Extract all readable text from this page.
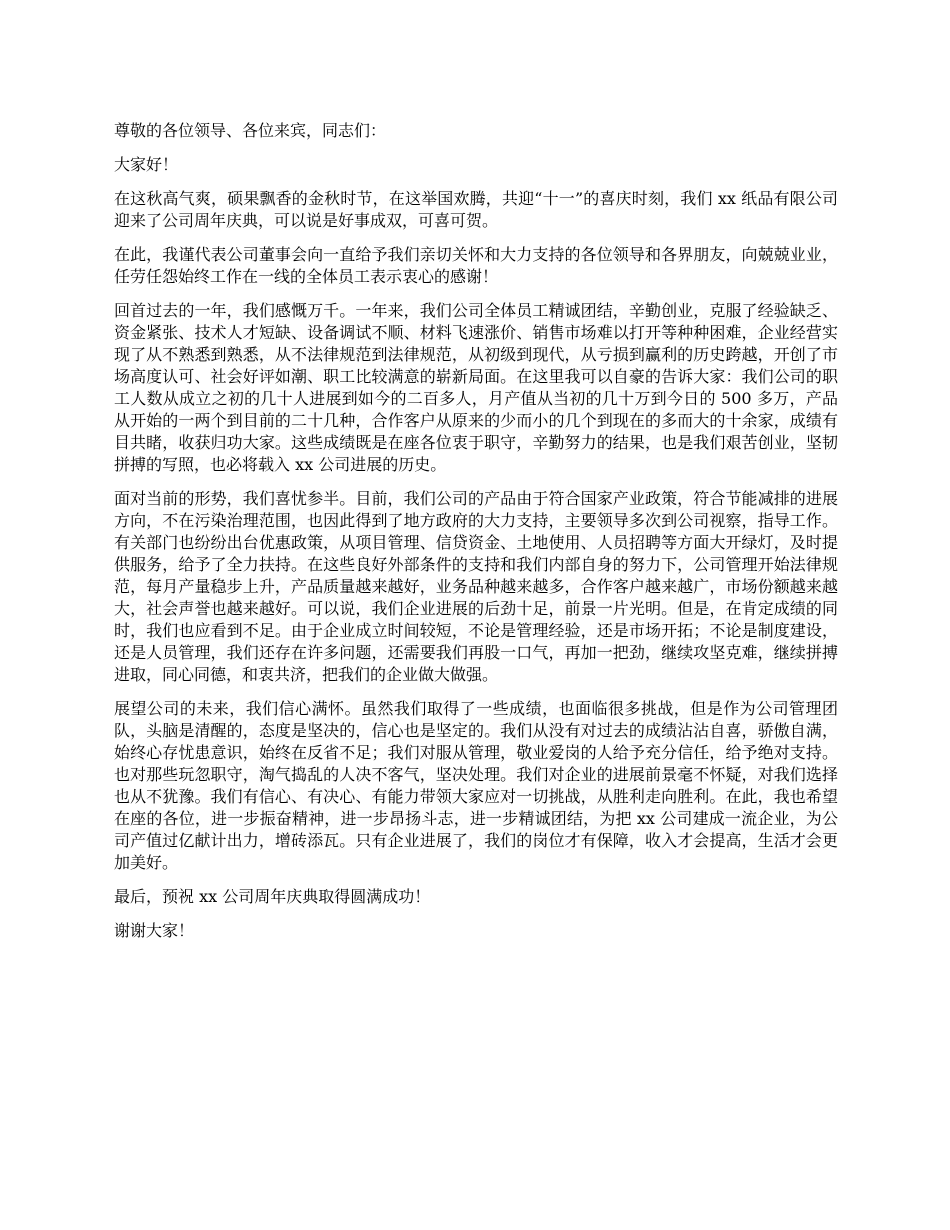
尊敬的各位领导、各位来宾，同志们：

大家好！

在这秋高气爽，硕果飘香的金秋时节，在这举国欢腾，共迎“十一”的喜庆时刻，我们 xx 纸品有限公司迎来了公司周年庆典，可以说是好事成双，可喜可贺。

在此，我谨代表公司董事会向一直给予我们亲切关怀和大力支持的各位领导和各界朋友，向兢兢业业，任劳任怨始终工作在一线的全体员工表示衷心的感谢！

回首过去的一年，我们感慨万千。一年来，我们公司全体员工精诚团结，辛勤创业，克服了经验缺乏、资金紧张、技术人才短缺、设备调试不顺、材料飞速涨价、销售市场难以打开等种种困难，企业经营实现了从不熟悉到熟悉，从不法律规范到法律规范，从初级到现代，从亏损到赢利的历史跨越，开创了市场高度认可、社会好评如潮、职工比较满意的崭新局面。在这里我可以自豪的告诉大家：我们公司的职工人数从成立之初的几十人进展到如今的二百多人，月产值从当初的几十万到今日的 500 多万，产品从开始的一两个到目前的二十几种，合作客户从原来的少而小的几个到现在的多而大的十余家，成绩有目共睹，收获归功大家。这些成绩既是在座各位衷于职守，辛勤努力的结果，也是我们艰苦创业，坚韧拼搏的写照，也必将载入 xx 公司进展的历史。

面对当前的形势，我们喜忧参半。目前，我们公司的产品由于符合国家产业政策，符合节能减排的进展方向，不在污染治理范围，也因此得到了地方政府的大力支持，主要领导多次到公司视察，指导工作。有关部门也纷纷出台优惠政策，从项目管理、信贷资金、土地使用、人员招聘等方面大开绿灯，及时提供服务，给予了全力扶持。在这些良好外部条件的支持和我们内部自身的努力下，公司管理开始法律规范，每月产量稳步上升，产品质量越来越好，业务品种越来越多，合作客户越来越广，市场份额越来越大，社会声誉也越来越好。可以说，我们企业进展的后劲十足，前景一片光明。但是，在肯定成绩的同时，我们也应看到不足。由于企业成立时间较短，不论是管理经验，还是市场开拓；不论是制度建设，还是人员管理，我们还存在许多问题，还需要我们再股一口气，再加一把劲，继续攻坚克难，继续拼搏进取，同心同德，和衷共济，把我们的企业做大做强。

展望公司的未来，我们信心满怀。虽然我们取得了一些成绩，也面临很多挑战，但是作为公司管理团队，头脑是清醒的，态度是坚决的，信心也是坚定的。我们从没有对过去的成绩沾沾自喜，骄傲自满，始终心存忧患意识，始终在反省不足；我们对服从管理，敬业爱岗的人给予充分信任，给予绝对支持。也对那些玩忽职守，淘气捣乱的人决不客气，坚决处理。我们对企业的进展前景毫不怀疑，对我们选择也从不犹豫。我们有信心、有决心、有能力带领大家应对一切挑战，从胜利走向胜利。在此，我也希望在座的各位，进一步振奋精神，进一步昂扬斗志，进一步精诚团结，为把 xx 公司建成一流企业，为公司产值过亿献计出力，增砖添瓦。只有企业进展了，我们的岗位才有保障，收入才会提高，生活才会更加美好。

最后，预祝 xx 公司周年庆典取得圆满成功！

谢谢大家！
